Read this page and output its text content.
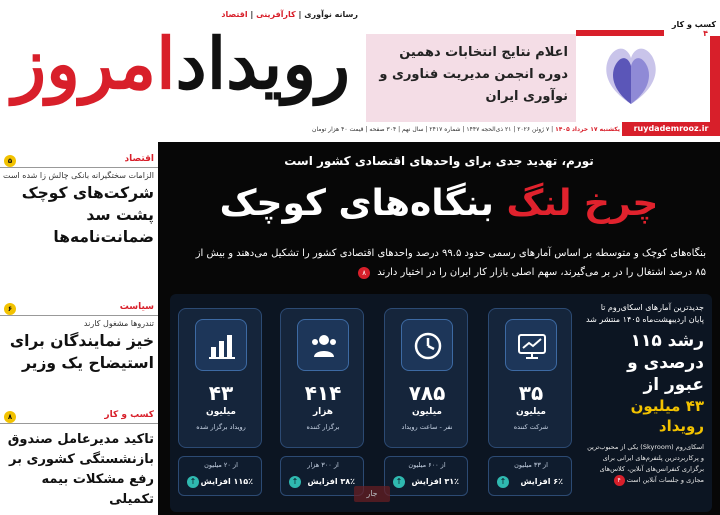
رسانه نوآوری | کارآفرینی | اقتصاد
رویدادامروز	اعلام نتایج انتخابات دهمین دوره انجمن مدیریت فناوری و نوآوری ایران
کسب و کار ۴
ruydademrooz.ir
یکشنبه ۱۷ خرداد ۱۴۰۵ | ۷ ژوئن ۲۰۲۶ | ۲۱ ذی‌الحجه ۱۴۴۷ | شماره ۲۴۱۷ | سال نهم | ۳۰۴ صفحه | قیمت ۴۰ هزار تومان
اقتصاد
۵
الزامات سختگیرانه بانکی چالش زا شده است
شرکت‌های کوچک پشت سد ضمانت‌نامه‌ها
سیاست
۶
تندروها مشغول کارند
خیز نمایندگان برای استیضاح یک وزیر
کسب و کار
۸
تاکید مدیرعامل صندوق بازنشستگی کشوری بر رفع مشکلات بیمه تکمیلی
تورم، تهدید جدی برای واحدهای اقتصادی کشور است
چرخ لنگ بنگاه‌های کوچک
بنگاه‌های کوچک و متوسطه بر اساس آمارهای رسمی حدود ۹۹.۵ درصد واحدهای اقتصادی کشور را تشکیل می‌دهند و بیش از ۸۵ درصد اشتغال را در بر می‌گیرند، سهم اصلی بازار کار ایران را در اختیار دارند ۸
۳۵
میلیون
شرکت کننده
از ۳۳ میلیون
۶٪ افزایش
↑
۷۸۵
میلیون
نفر - ساعت رویداد
از ۶۰۰ میلیون
۳۱٪ افزایش
↑
۴۱۴
هزار
برگزار کننده
از ۳۰۰ هزار
۳۸٪ افزایش
↑
۴۳
میلیون
رویداد برگزار شده
از ۲۰ میلیون
۱۱۵٪ افزایش
↑
جدیدترین آمارهای اسکای‌روم تا پایان اردیبهشت‌ماه ۱۴۰۵ منتشر شد
رشد ۱۱۵ درصدی و عبور از
۴۳ میلیون رویداد
اسکای‌روم (Skyroom) یکی از محبوب‌ترین و پرکاربردترین پلتفرم‌های ایرانی برای برگزاری کنفرانس‌های آنلاین، کلاس‌های مجازی و جلسات آنلاین است ۴
جار
